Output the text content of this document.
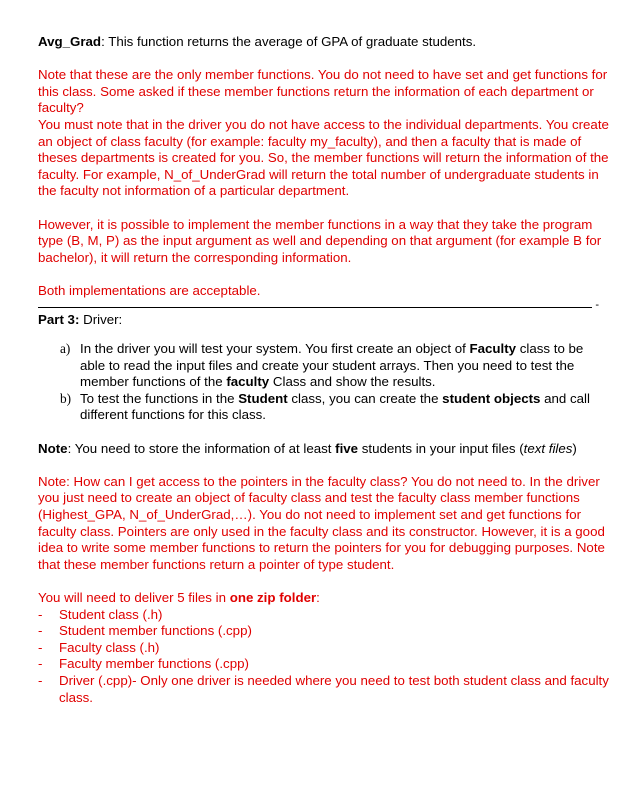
Avg_Grad: This function returns the average of GPA of graduate students.

Note that these are the only member functions. You do not need to have set and get functions for this class. Some asked if these member functions return the information of each department or faculty?

You must note that in the driver you do not have access to the individual departments. You create an object of class faculty (for example: faculty my_faculty), and then a faculty that is made of theses departments is created for you. So, the member functions will return the information of the faculty. For example, N_of_UnderGrad will return the total number of undergraduate students in the faculty not information of a particular department.

However, it is possible to implement the member functions in a way that they take the program type (B, M, P) as the input argument as well and depending on that argument (for example B for bachelor), it will return the corresponding information.

Both implementations are acceptable.

-

Part 3: Driver:

a) In the driver you will test your system. You first create an object of Faculty class to be able to read the input files and create your student arrays. Then you need to test the member functions of the faculty Class and show the results.
b) To test the functions in the Student class, you can create the student objects and call different functions for this class.

Note: You need to store the information of at least five students in your input files (text files)

Note: How can I get access to the pointers in the faculty class? You do not need to. In the driver you just need to create an object of faculty class and test the faculty class member functions (Highest_GPA, N_of_UnderGrad,…). You do not need to implement set and get functions for faculty class. Pointers are only used in the faculty class and its constructor. However, it is a good idea to write some member functions to return the pointers for you for debugging purposes. Note that these member functions return a pointer of type student.

You will need to deliver 5 files in one zip folder:

- Student class (.h)
- Student member functions (.cpp)
- Faculty class (.h)
- Faculty member functions (.cpp)
- Driver (.cpp)- Only one driver is needed where you need to test both student class and faculty class.
